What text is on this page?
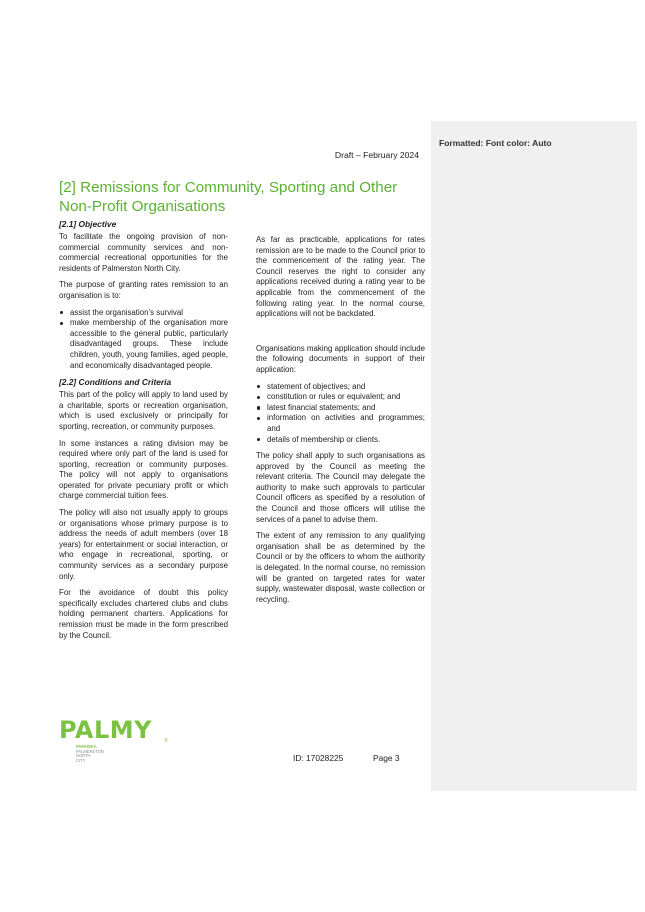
Formatted: Font color: Auto
Draft – February 2024
[2] Remissions for Community, Sporting and Other Non-Profit Organisations
[2.1] Objective

To facilitate the ongoing provision of non-commercial community services and non-commercial recreational opportunities for the residents of Palmerston North City.

The purpose of granting rates remission to an organisation is to:

assist the organisation’s survival
make membership of the organisation more accessible to the general public, particularly disadvantaged groups. These include children, youth, young families, aged people, and economically disadvantaged people.
[2.2] Conditions and Criteria

This part of the policy will apply to land used by a charitable, sports or recreation organisation, which is used exclusively or principally for sporting, recreation, or community purposes.

In some instances a rating division may be required where only part of the land is used for sporting, recreation or community purposes. The policy will not apply to organisations operated for private pecuniary profit or which charge commercial tuition fees.

The policy will also not usually apply to groups or organisations whose primary purpose is to address the needs of adult members (over 18 years) for entertainment or social interaction, or who engage in recreational, sporting, or community services as a secondary purpose only.

For the avoidance of doubt this policy specifically excludes chartered clubs and clubs holding permanent charters. Applications for remission must be made in the form prescribed by the Council.

As far as practicable, applications for rates remission are to be made to the Council prior to the commencement of the rating year. The Council reserves the right to consider any applications received during a rating year to be applicable from the commencement of the following rating year. In the normal course, applications will not be backdated.

Organisations making application should include the following documents in support of their application:

statement of objectives; and
constitution or rules or equivalent; and
latest financial statements; and
information on activities and programmes; and
details of membership or clients.

The policy shall apply to such organisations as approved by the Council as meeting the relevant criteria. The Council may delegate the authority to make such approvals to particular Council officers as specified by a resolution of the Council and those officers will utilise the services of a panel to advise them.

The extent of any remission to any qualifying organisation shall be as determined by the Council or by the officers to whom the authority is delegated. In the normal course, no remission will be granted on targeted rates for water supply, wastewater disposal, waste collection or recycling.

PALMY ®
PAPAIOEA
PALMERSTON
NORTH
CITY	ID: 17028225	Page 3
